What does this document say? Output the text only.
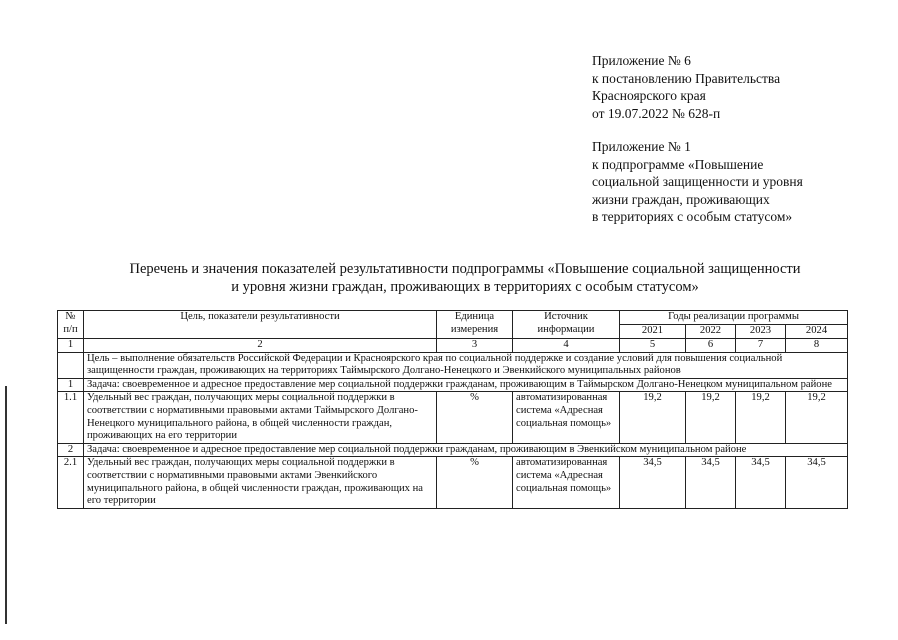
Приложение № 6
к постановлению Правительства
Красноярского края
от 19.07.2022 № 628-п
Приложение № 1
к подпрограмме «Повышение
социальной защищенности и уровня
жизни граждан, проживающих
в территориях с особым статусом»
Перечень и значения показателей результативности подпрограммы «Повышение социальной защищенности
и уровня жизни граждан, проживающих в территориях с особым статусом»
№ п/п	Цель, показатели результативности	Единица измерения	Источник информации	Годы реализации программы			
				2021	2022	2023	2024
1	2	3	4	5	6	7	8
	Цель – выполнение обязательств Российской Федерации и Красноярского края по социальной поддержке и создание условий для повышения социальной защищенности граждан, проживающих на территориях Таймырского Долгано-Ненецкого и Эвенкийского муниципальных районов						
1	Задача: своевременное и адресное предоставление мер социальной поддержки гражданам, проживающим в Таймырском Долгано-Ненецком муниципальном районе						
1.1	Удельный вес граждан, получающих меры социальной поддержки в соответствии с нормативными правовыми актами Таймырского Долгано-Ненецкого муниципального района, в общей численности граждан, проживающих на его территории	%	автоматизированная система «Адресная социальная помощь»	19,2	19,2	19,2	19,2
2	Задача: своевременное и адресное предоставление мер социальной поддержки гражданам, проживающим в Эвенкийском муниципальном районе						
2.1	Удельный вес граждан, получающих меры социальной поддержки в соответствии с нормативными правовыми актами Эвенкийского муниципального района, в общей численности граждан, проживающих на его территории	%	автоматизированная система «Адресная социальная помощь»	34,5	34,5	34,5	34,5
